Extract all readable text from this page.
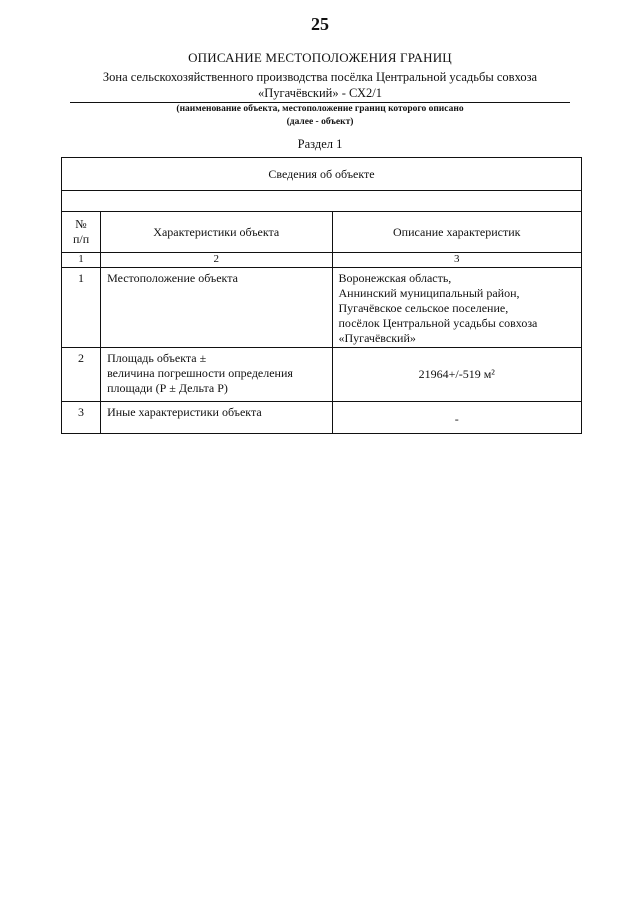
25
ОПИСАНИЕ МЕСТОПОЛОЖЕНИЯ ГРАНИЦ
Зона сельскохозяйственного производства посёлка Центральной усадьбы совхоза
«Пугачёвский» - СХ2/1
(наименование объекта, местоположение границ которого описано
(далее - объект)
Раздел 1
Сведения об объекте		

№
п/п	Характеристики объекта	Описание характеристик
1	2	3
1	Местоположение объекта	Воронежская область,
Аннинский муниципальный район,
Пугачёвское сельское поселение,
посёлок Центральной усадьбы совхоза
«Пугачёвский»

2	Площадь объекта ±
величина погрешности определения
площади (Р ± Дельта Р)	21964+/-519 м²
3	Иные характеристики объекта	-
